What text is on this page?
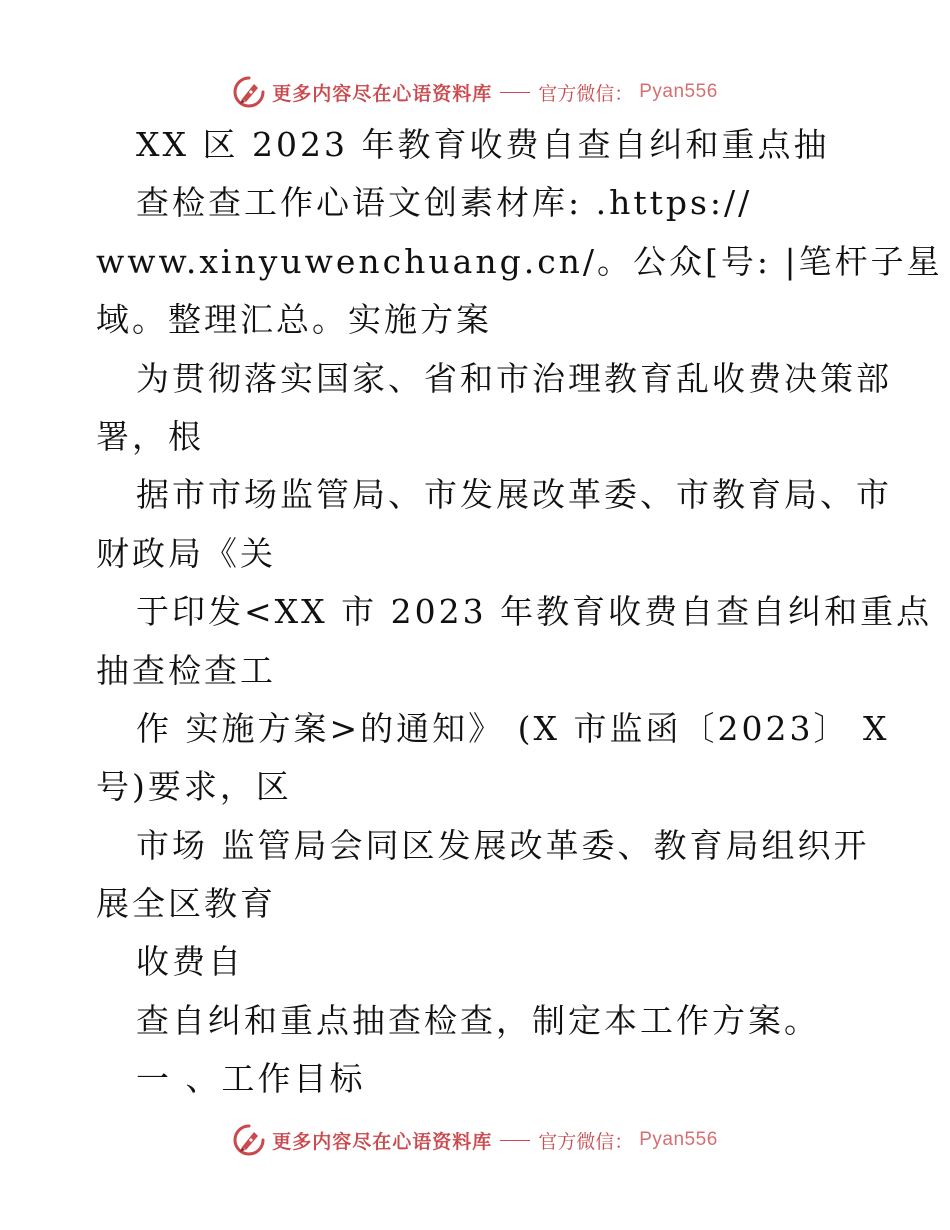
更多内容尽在心语资料库 官方微信： Pyan556
XX 区 2023 年教育收费自查自纠和重点抽
查检查工作心语文创素材库: .https://
www.xinyuwenchuang.cn/。公众[号: |笔杆子星
域。整理汇总。实施方案
为贯彻落实国家、省和市治理教育乱收费决策部
署，根
据市市场监管局、市发展改革委、市教育局、市
财政局《关
于印发<XX 市 2023 年教育收费自查自纠和重点
抽查检查工
作 实施方案>的通知》 (X 市监函〔2023〕 X
号)要求，区
市场 监管局会同区发展改革委、教育局组织开
展全区教育
收费自
查自纠和重点抽查检查，制定本工作方案。
一 、工作目标
更多内容尽在心语资料库 官方微信： Pyan556
